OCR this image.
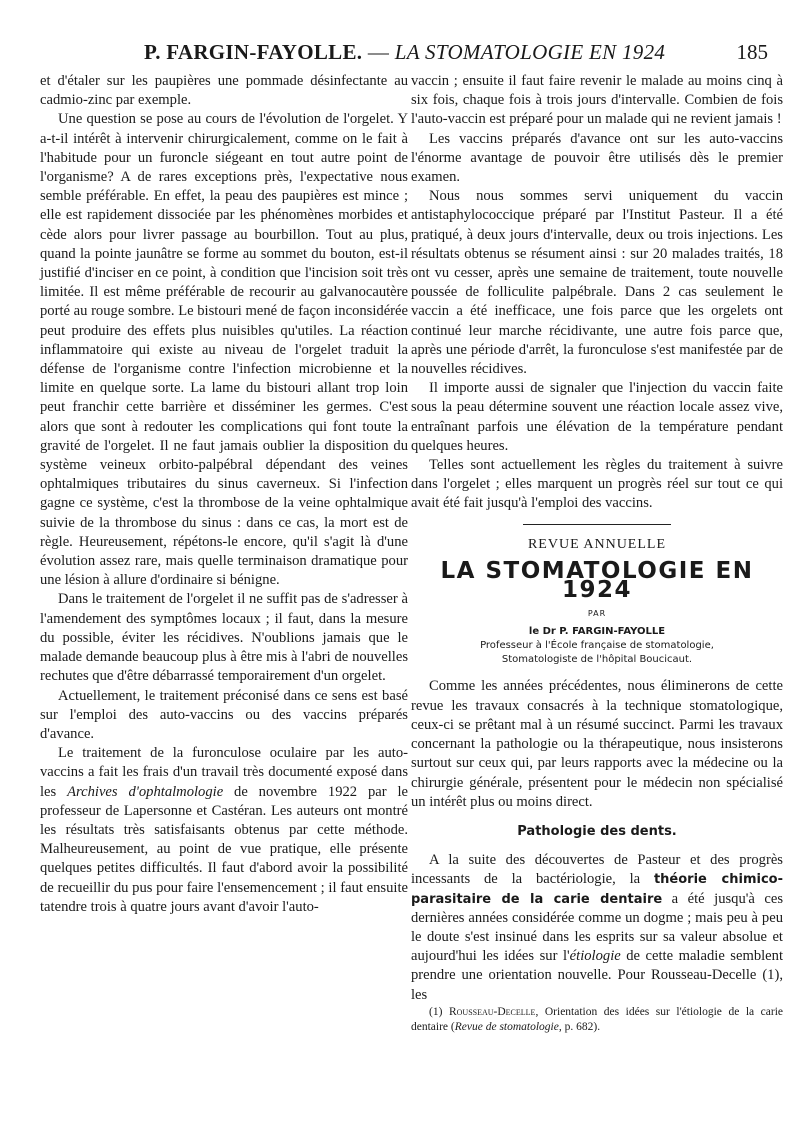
P. FARGIN-FAYOLLE. — LA STOMATOLOGIE EN 1924	185

et d'étaler sur les paupières une pommade désinfectante au cadmio-zinc par exemple.

Une question se pose au cours de l'évolution de l'orgelet. Y a-t-il intérêt à intervenir chirurgicalement, comme on le fait à l'habitude pour un furoncle siégeant en tout autre point de l'organisme? A de rares exceptions près, l'expectative nous semble préférable. En effet, la peau des paupières est mince ; elle est rapidement dissociée par les phénomènes morbides et cède alors pour livrer passage au bourbillon. Tout au plus, quand la pointe jaunâtre se forme au sommet du bouton, est-il justifié d'inciser en ce point, à condition que l'incision soit très limitée. Il est même préférable de recourir au galvanocautère porté au rouge sombre. Le bistouri mené de façon inconsidérée peut produire des effets plus nuisibles qu'utiles. La réaction inflammatoire qui existe au niveau de l'orgelet traduit la défense de l'organisme contre l'infection microbienne et la limite en quelque sorte. La lame du bistouri allant trop loin peut franchir cette barrière et disséminer les germes. C'est alors que sont à redouter les complications qui font toute la gravité de l'orgelet. Il ne faut jamais oublier la disposition du système veineux orbito-palpébral dépendant des veines ophtalmiques tributaires du sinus caverneux. Si l'infection gagne ce système, c'est la thrombose de la veine ophtalmique suivie de la thrombose du sinus : dans ce cas, la mort est de règle. Heureusement, répétons-le encore, qu'il s'agit là d'une évolution assez rare, mais quelle terminaison dramatique pour une lésion à allure d'ordinaire si bénigne.

Dans le traitement de l'orgelet il ne suffit pas de s'adresser à l'amendement des symptômes locaux ; il faut, dans la mesure du possible, éviter les récidives. N'oublions jamais que le malade demande beaucoup plus à être mis à l'abri de nouvelles rechutes que d'être débarrassé temporairement d'un orgelet.

Actuellement, le traitement préconisé dans ce sens est basé sur l'emploi des auto-vaccins ou des vaccins préparés d'avance.

Le traitement de la furonculose oculaire par les auto-vaccins a fait les frais d'un travail très documenté exposé dans les Archives d'ophtalmologie de novembre 1922 par le professeur de Lapersonne et Castéran. Les auteurs ont montré les résultats très satisfaisants obtenus par cette méthode. Malheureusement, au point de vue pratique, elle présente quelques petites difficultés. Il faut d'abord avoir la possibilité de recueillir du pus pour faire l'ensemencement ; il faut ensuite tatendre trois à quatre jours avant d'avoir l'auto-

vaccin ; ensuite il faut faire revenir le malade au moins cinq à six fois, chaque fois à trois jours d'intervalle. Combien de fois l'auto-vaccin est préparé pour un malade qui ne revient jamais !

Les vaccins préparés d'avance ont sur les auto-vaccins l'énorme avantage de pouvoir être utilisés dès le premier examen.

Nous nous sommes servi uniquement du vaccin antistaphylococcique préparé par l'Institut Pasteur. Il a été pratiqué, à deux jours d'intervalle, deux ou trois injections. Les résultats obtenus se résument ainsi : sur 20 malades traités, 18 ont vu cesser, après une semaine de traitement, toute nouvelle poussée de folliculite palpébrale. Dans 2 cas seulement le vaccin a été inefficace, une fois parce que les orgelets ont continué leur marche récidivante, une autre fois parce que, après une période d'arrêt, la furonculose s'est manifestée par de nouvelles récidives.

Il importe aussi de signaler que l'injection du vaccin faite sous la peau détermine souvent une réaction locale assez vive, entraînant parfois une élévation de la température pendant quelques heures.

Telles sont actuellement les règles du traitement à suivre dans l'orgelet ; elles marquent un progrès réel sur tout ce qui avait été fait jusqu'à l'emploi des vaccins.

REVUE ANNUELLE
LA STOMATOLOGIE EN 1924
PAR
le Dr P. FARGIN-FAYOLLE
Professeur à l'École française de stomatologie,
Stomatologiste de l'hôpital Boucicaut.

Comme les années précédentes, nous éliminerons de cette revue les travaux consacrés à la technique stomatologique, ceux-ci se prêtant mal à un résumé succinct. Parmi les travaux concernant la pathologie ou la thérapeutique, nous insisterons surtout sur ceux qui, par leurs rapports avec la médecine ou la chirurgie générale, présentent pour le médecin non spécialisé un intérêt plus ou moins direct.

Pathologie des dents.

A la suite des découvertes de Pasteur et des progrès incessants de la bactériologie, la théorie chimico-parasitaire de la carie dentaire a été jusqu'à ces dernières années considérée comme un dogme ; mais peu à peu le doute s'est insinué dans les esprits sur sa valeur absolue et aujourd'hui les idées sur l'étiologie de cette maladie semblent prendre une orientation nouvelle. Pour Rousseau-Decelle (1), les

(1) Rousseau-Decelle, Orientation des idées sur l'étiologie de la carie dentaire (Revue de stomatologie, p. 682).
